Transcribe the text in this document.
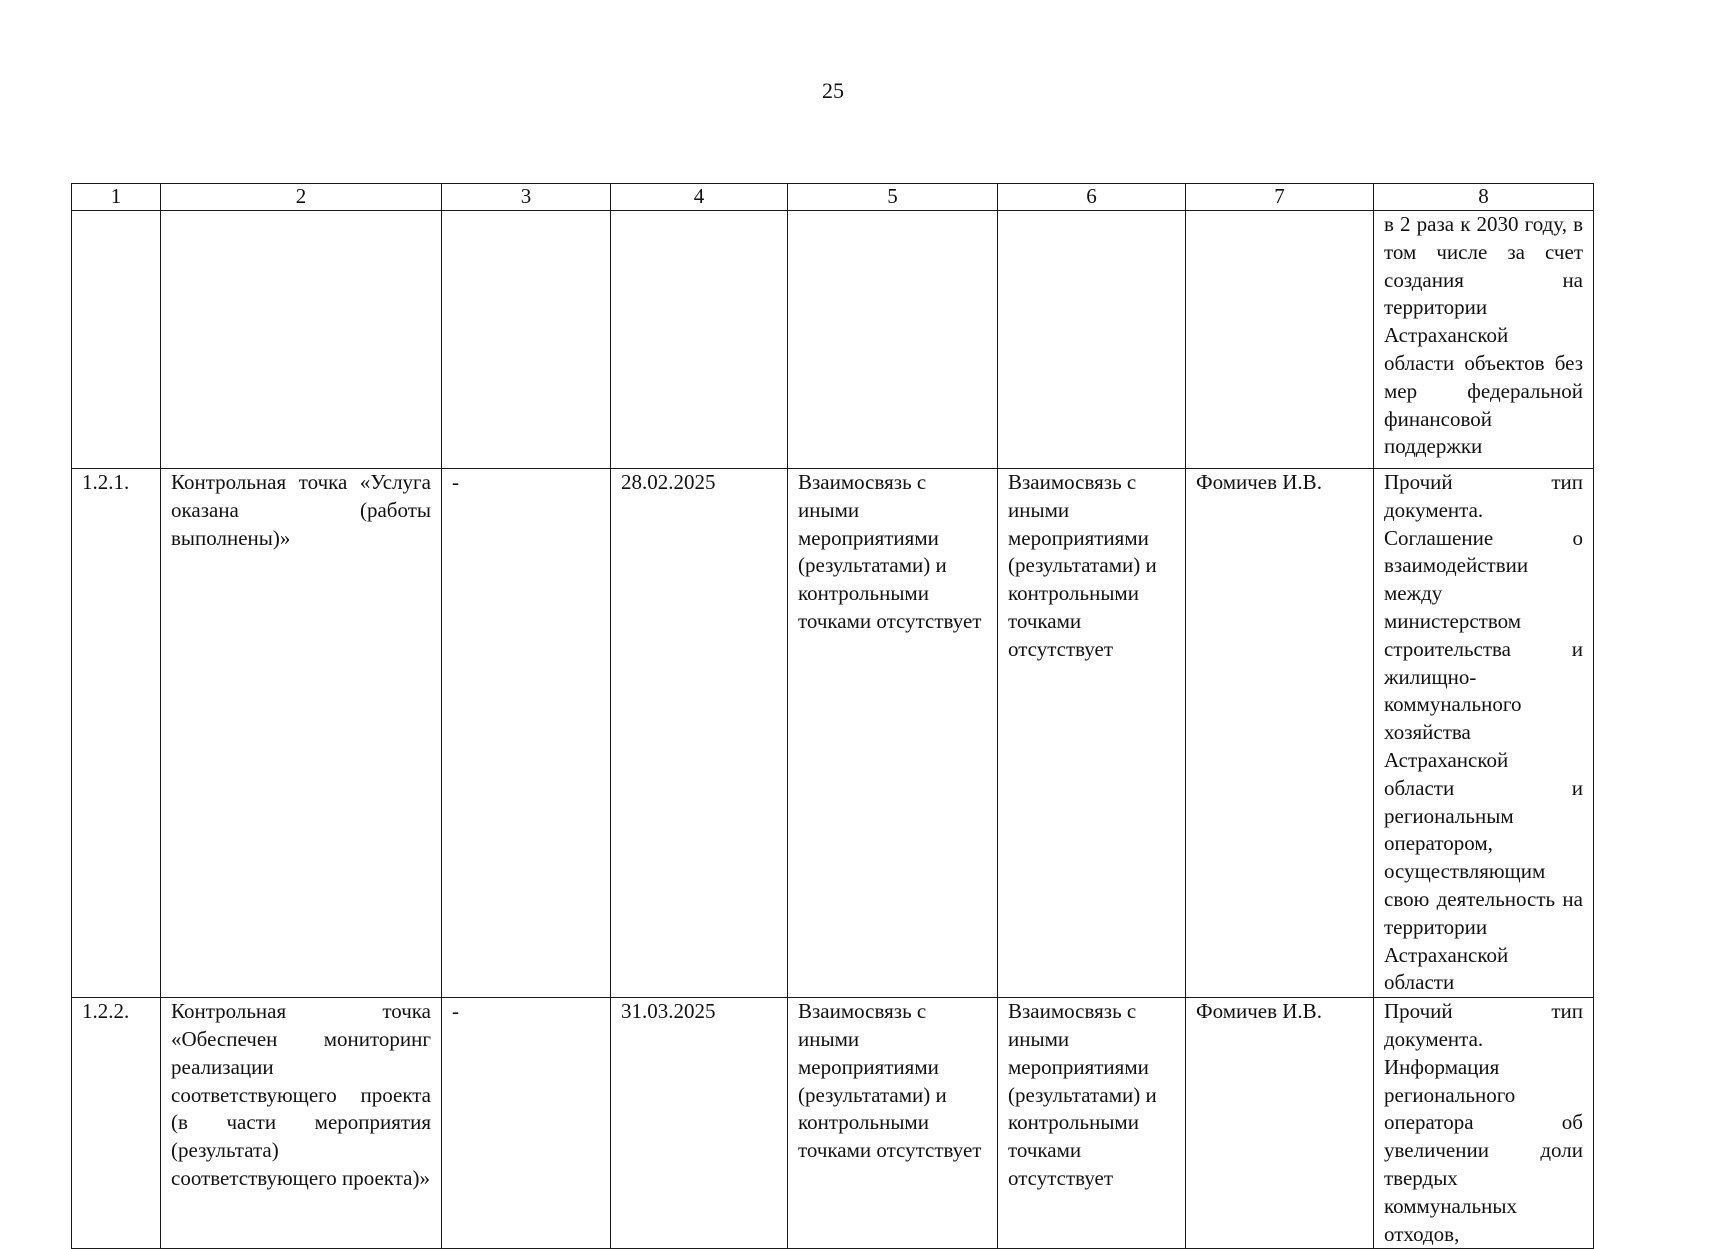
25
1	2	3	4	5	6	7	8
							в 2 раза к 2030 году, в том числе за счет создания на территории Астраханской области объектов без мер федеральной финансовой поддержки
1.2.1.	Контрольная точка «Услуга оказана (работы выполнены)»	-	28.02.2025	Взаимосвязь с иными мероприятиями (результатами) и контрольными точками отсутствует	Взаимосвязь с иными мероприятиями (результатами) и контрольными точками отсутствует	Фомичев И.В.	Прочий тип документа. Соглашение о взаимодействии между министерством строительства и жилищно-коммунального хозяйства Астраханской области и региональным оператором, осуществляющим свою деятельность на территории Астраханской области
1.2.2.	Контрольная точка «Обеспечен мониторинг реализации соответствующего проекта (в части мероприятия (результата) соответствующего проекта)»	-	31.03.2025	Взаимосвязь с иными мероприятиями (результатами) и контрольными точками отсутствует	Взаимосвязь с иными мероприятиями (результатами) и контрольными точками отсутствует	Фомичев И.В.	Прочий тип документа. Информация регионального оператора об увеличении доли твердых коммунальных отходов,
